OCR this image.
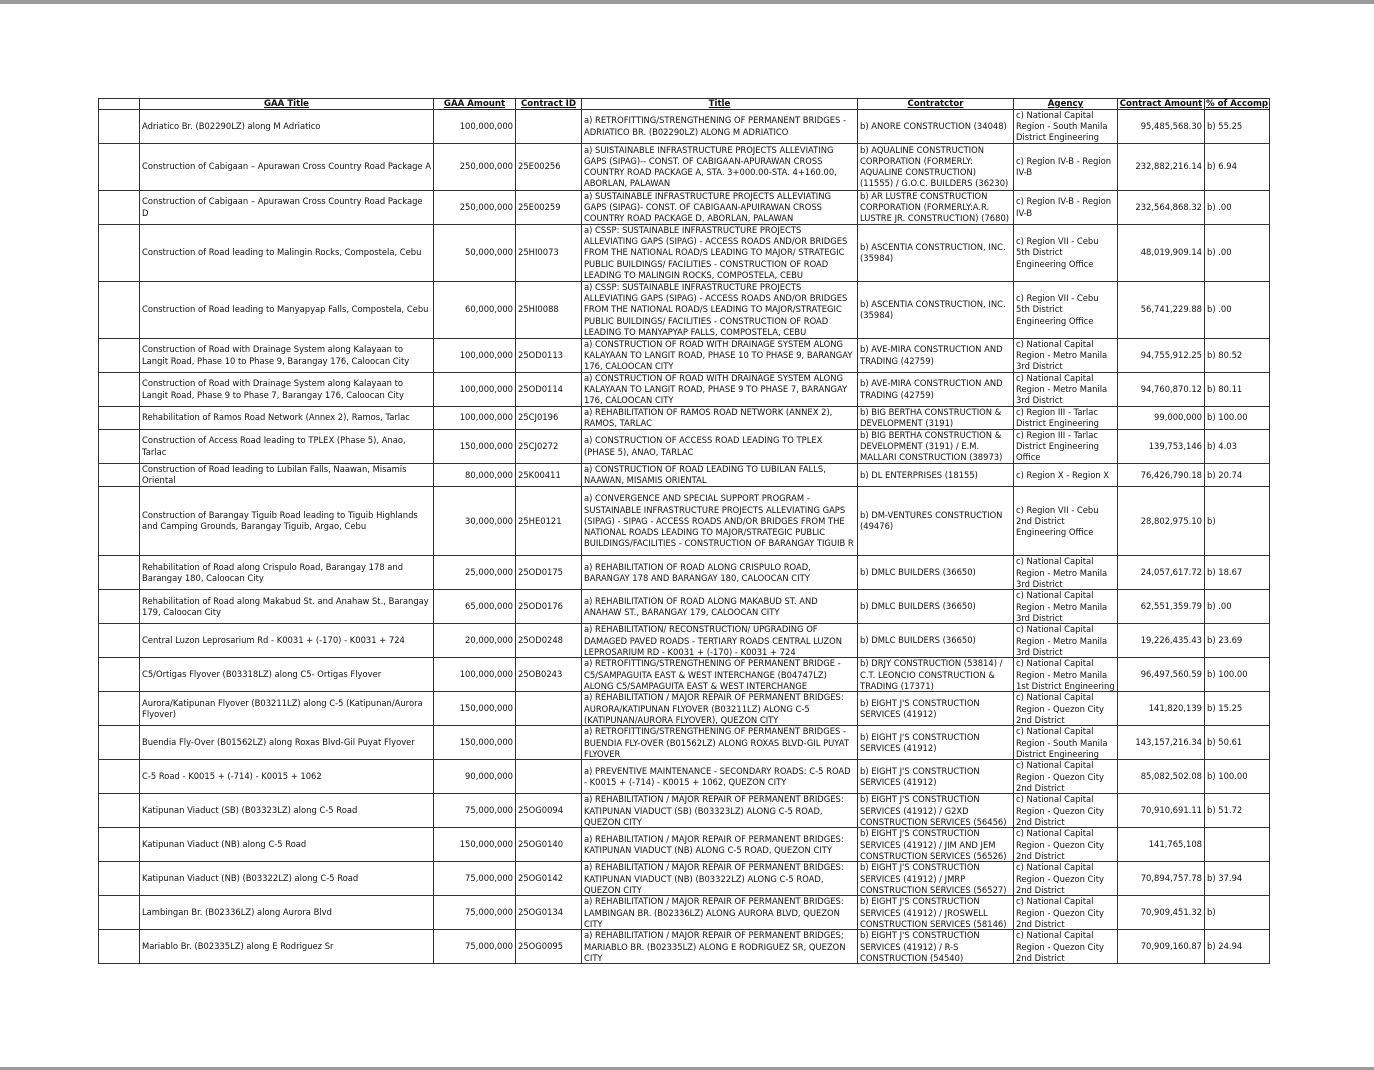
	GAA Title	GAA Amount	Contract ID	Title	Contratctor	Agency	Contract Amount	% of Accomp

	Adriatico Br. (B02290LZ) along M Adriatico	100,000,000		a) RETROFITTING/STRENGTHENING OF PERMANENT BRIDGES - ADRIATICO BR. (B02290LZ) ALONG M ADRIATICO	b) ANORE CONSTRUCTION (34048)	c) National Capital Region - South Manila District Engineering	95,485,568.30	b) 55.25

	Construction of Cabigaan – Apurawan Cross Country Road Package A	250,000,000	25E00256	a) SUISTAINABLE INFRASTRUCTURE PROJECTS ALLEVIATING GAPS (SIPAG)-- CONST. OF CABIGAAN-APURAWAN CROSS COUNTRY ROAD PACKAGE A, STA. 3+000.00-STA. 4+160.00, ABORLAN, PALAWAN	b) AQUALINE CONSTRUCTION CORPORATION (FORMERLY: AQUALINE CONSTRUCTION) (11555) / G.O.C. BUILDERS (36230)	c) Region IV-B - Region IV-B	232,882,216.14	b) 6.94

	Construction of Cabigaan – Apurawan Cross Country Road Package D	250,000,000	25E00259	a) SUSTAINABLE INFRASTRUCTURE PROJECTS ALLEVIATING GAPS (SIPAG)- CONST. OF CABIGAAN-APUIRAWAN CROSS COUNTRY ROAD PACKAGE D, ABORLAN, PALAWAN	b) AR LUSTRE CONSTRUCTION CORPORATION (FORMERLY:A.R. LUSTRE JR. CONSTRUCTION) (7680)	c) Region IV-B - Region IV-B	232,564,868.32	b) .00

	Construction of Road leading to Malingin Rocks, Compostela, Cebu	50,000,000	25HI0073	a) CSSP: SUSTAINABLE INFRASTRUCTURE PROJECTS ALLEVIATING GAPS (SIPAG) - ACCESS ROADS AND/OR BRIDGES FROM THE NATIONAL ROAD/S LEADING TO MAJOR/ STRATEGIC PUBLIC BUILDINGS/ FACILITIES - CONSTRUCTION OF ROAD LEADING TO MALINGIN ROCKS, COMPOSTELA, CEBU	b) ASCENTIA CONSTRUCTION, INC. (35984)	c) Region VII - Cebu 5th District Engineering Office	48,019,909.14	b) .00

	Construction of Road leading to Manyapyap Falls, Compostela, Cebu	60,000,000	25HI0088	a) CSSP: SUSTAINABLE INFRASTRUCTURE PROJECTS ALLEVIATING GAPS (SIPAG) - ACCESS ROADS AND/OR BRIDGES FROM THE NATIONAL ROAD/S LEADING TO MAJOR/STRATEGIC PUBLIC BUILDINGS/ FACILITIES - CONSTRUCTION OF ROAD LEADING TO MANYAPYAP FALLS, COMPOSTELA, CEBU	b) ASCENTIA CONSTRUCTION, INC. (35984)	c) Region VII - Cebu 5th District Engineering Office	56,741,229.88	b) .00

	Construction of Road with Drainage System along Kalayaan to Langit Road, Phase 10 to Phase 9, Barangay 176, Caloocan City	100,000,000	25OD0113	a) CONSTRUCTION OF ROAD WITH DRAINAGE SYSTEM ALONG KALAYAAN TO LANGIT ROAD, PHASE 10 TO PHASE 9, BARANGAY 176, CALOOCAN CITY	b) AVE-MIRA CONSTRUCTION AND TRADING (42759)	c) National Capital Region - Metro Manila 3rd District	94,755,912.25	b) 80.52

	Construction of Road with Drainage System along Kalayaan to Langit Road, Phase 9 to Phase 7, Barangay 176, Caloocan City	100,000,000	25OD0114	a) CONSTRUCTION OF ROAD WITH DRAINAGE SYSTEM ALONG KALAYAAN TO LANGIT ROAD, PHASE 9 TO PHASE 7, BARANGAY 176, CALOOCAN CITY	b) AVE-MIRA CONSTRUCTION AND TRADING (42759)	c) National Capital Region - Metro Manila 3rd District	94,760,870.12	b) 80.11

	Rehabilitation of Ramos Road Network (Annex 2), Ramos, Tarlac	100,000,000	25CJ0196	a) REHABILITATION OF RAMOS ROAD NETWORK (ANNEX 2), RAMOS, TARLAC	b) BIG BERTHA CONSTRUCTION & DEVELOPMENT (3191)	c) Region III - Tarlac District Engineering	99,000,000	b) 100.00

	Construction of Access Road leading to TPLEX (Phase 5), Anao, Tarlac	150,000,000	25CJ0272	a) CONSTRUCTION OF ACCESS ROAD LEADING TO TPLEX (PHASE 5), ANAO, TARLAC	b) BIG BERTHA CONSTRUCTION & DEVELOPMENT (3191) / E.M. MALLARI CONSTRUCTION (38973)	c) Region III - Tarlac District Engineering Office	139,753,146	b) 4.03

	Construction of Road leading to Lubilan Falls, Naawan, Misamis Oriental	80,000,000	25K00411	a) CONSTRUCTION OF ROAD LEADING TO LUBILAN FALLS, NAAWAN, MISAMIS ORIENTAL	b) DL ENTERPRISES (18155)	c) Region X - Region X	76,426,790.18	b) 20.74

	Construction of Barangay Tiguib Road leading to Tiguib Highlands and Camping Grounds, Barangay Tiguib, Argao, Cebu	30,000,000	25HE0121	a) CONVERGENCE AND SPECIAL SUPPORT PROGRAM - SUSTAINABLE INFRASTRUCTURE PROJECTS ALLEVIATING GAPS (SIPAG) - SIPAG - ACCESS ROADS AND/OR BRIDGES FROM THE NATIONAL ROADS LEADING TO MAJOR/STRATEGIC PUBLIC BUILDINGS/FACILITIES - CONSTRUCTION OF BARANGAY TIGUIB R	b) DM-VENTURES CONSTRUCTION (49476)	c) Region VII - Cebu 2nd District Engineering Office	28,802,975.10	b)

	Rehabilitation of Road along Crispulo Road, Barangay 178 and Barangay 180, Caloocan City	25,000,000	25OD0175	a) REHABILITATION OF ROAD ALONG CRISPULO ROAD, BARANGAY 178 AND BARANGAY 180, CALOOCAN CITY	b) DMLC BUILDERS (36650)	c) National Capital Region - Metro Manila 3rd District	24,057,617.72	b) 18.67

	Rehabilitation of Road along Makabud St. and Anahaw St., Barangay 179, Caloocan City	65,000,000	25OD0176	a) REHABILITATION OF ROAD ALONG MAKABUD ST. AND ANAHAW ST., BARANGAY 179, CALOOCAN CITY	b) DMLC BUILDERS (36650)	c) National Capital Region - Metro Manila 3rd District	62,551,359.79	b) .00

	Central Luzon Leprosarium Rd - K0031 + (-170) - K0031 + 724	20,000,000	25OD0248	a) REHABILITATION/ RECONSTRUCTION/ UPGRADING OF DAMAGED PAVED ROADS - TERTIARY ROADS CENTRAL LUZON LEPROSARIUM RD - K0031 + (-170) - K0031 + 724	b) DMLC BUILDERS (36650)	c) National Capital Region - Metro Manila 3rd District	19,226,435.43	b) 23.69

	C5/Ortigas Flyover (B03318LZ) along C5- Ortigas Flyover	100,000,000	25OB0243	a) RETROFITTING/STRENGTHENING OF PERMANENT BRIDGE - C5/SAMPAGUITA EAST & WEST INTERCHANGE (B04747LZ) ALONG C5/SAMPAGUITA EAST & WEST INTERCHANGE	b) DRJY CONSTRUCTION (53814) / C.T. LEONCIO CONSTRUCTION & TRADING (17371)	c) National Capital Region - Metro Manila 1st District Engineering	96,497,560.59	b) 100.00

	Aurora/Katipunan Flyover (B03211LZ) along C-5 (Katipunan/Aurora Flyover)	150,000,000		a) REHABILITATION / MAJOR REPAIR OF PERMANENT BRIDGES: AURORA/KATIPUNAN FLYOVER (B03211LZ) ALONG C-5 (KATIPUNAN/AURORA FLYOVER), QUEZON CITY	b) EIGHT J'S CONSTRUCTION SERVICES (41912)	c) National Capital Region - Quezon City 2nd District	141,820,139	b) 15.25

	Buendia Fly-Over (B01562LZ) along Roxas Blvd-Gil Puyat Flyover	150,000,000		a) RETROFITTING/STRENGTHENING OF PERMANENT BRIDGES - BUENDIA FLY-OVER (B01562LZ) ALONG ROXAS BLVD-GIL PUYAT FLYOVER	b) EIGHT J'S CONSTRUCTION SERVICES (41912)	c) National Capital Region - South Manila District Engineering	143,157,216.34	b) 50.61

	C-5 Road - K0015 + (-714) - K0015 + 1062	90,000,000		a) PREVENTIVE MAINTENANCE - SECONDARY ROADS: C-5 ROAD - K0015 + (-714) - K0015 + 1062, QUEZON CITY	b) EIGHT J'S CONSTRUCTION SERVICES (41912)	c) National Capital Region - Quezon City 2nd District	85,082,502.08	b) 100.00

	Katipunan Viaduct (SB) (B03323LZ) along C-5 Road	75,000,000	25OG0094	a) REHABILITATION / MAJOR REPAIR OF PERMANENT BRIDGES: KATIPUNAN VIADUCT (SB) (B03323LZ) ALONG C-5 ROAD, QUEZON CITY	b) EIGHT J'S CONSTRUCTION SERVICES (41912) / G2XD CONSTRUCTION SERVICES (56456)	c) National Capital Region - Quezon City 2nd District	70,910,691.11	b) 51.72

	Katipunan Viaduct (NB) along C-5 Road	150,000,000	25OG0140	a) REHABILITATION / MAJOR REPAIR OF PERMANENT BRIDGES: KATIPUNAN VIADUCT (NB) ALONG C-5 ROAD, QUEZON CITY	b) EIGHT J'S CONSTRUCTION SERVICES (41912) / JIM AND JEM CONSTRUCTION SERVICES (56526)	c) National Capital Region - Quezon City 2nd District	141,765,108	

	Katipunan Viaduct (NB) (B03322LZ) along C-5 Road	75,000,000	25OG0142	a) REHABILITATION / MAJOR REPAIR OF PERMANENT BRIDGES: KATIPUNAN VIADUCT (NB) (B03322LZ) ALONG C-5 ROAD, QUEZON CITY	b) EIGHT J'S CONSTRUCTION SERVICES (41912) / JMRP CONSTRUCTION SERVICES (56527)	c) National Capital Region - Quezon City 2nd District	70,894,757.78	b) 37.94

	Lambingan Br. (B02336LZ) along Aurora Blvd	75,000,000	25OG0134	a) REHABILITATION / MAJOR REPAIR OF PERMANENT BRIDGES: LAMBINGAN BR. (B02336LZ) ALONG AURORA BLVD, QUEZON CITY	b) EIGHT J'S CONSTRUCTION SERVICES (41912) / JROSWELL CONSTRUCTION SERVICES (58146)	c) National Capital Region - Quezon City 2nd District	70,909,451.32	b)

	Mariablo Br. (B02335LZ) along E Rodriguez Sr	75,000,000	25OG0095	a) REHABILITATION / MAJOR REPAIR OF PERMANENT BRIDGES; MARIABLO BR. (B02335LZ) ALONG E RODRIGUEZ SR, QUEZON CITY	b) EIGHT J'S CONSTRUCTION SERVICES (41912) / R-S CONSTRUCTION (54540)	c) National Capital Region - Quezon City 2nd District	70,909,160.87	b) 24.94
